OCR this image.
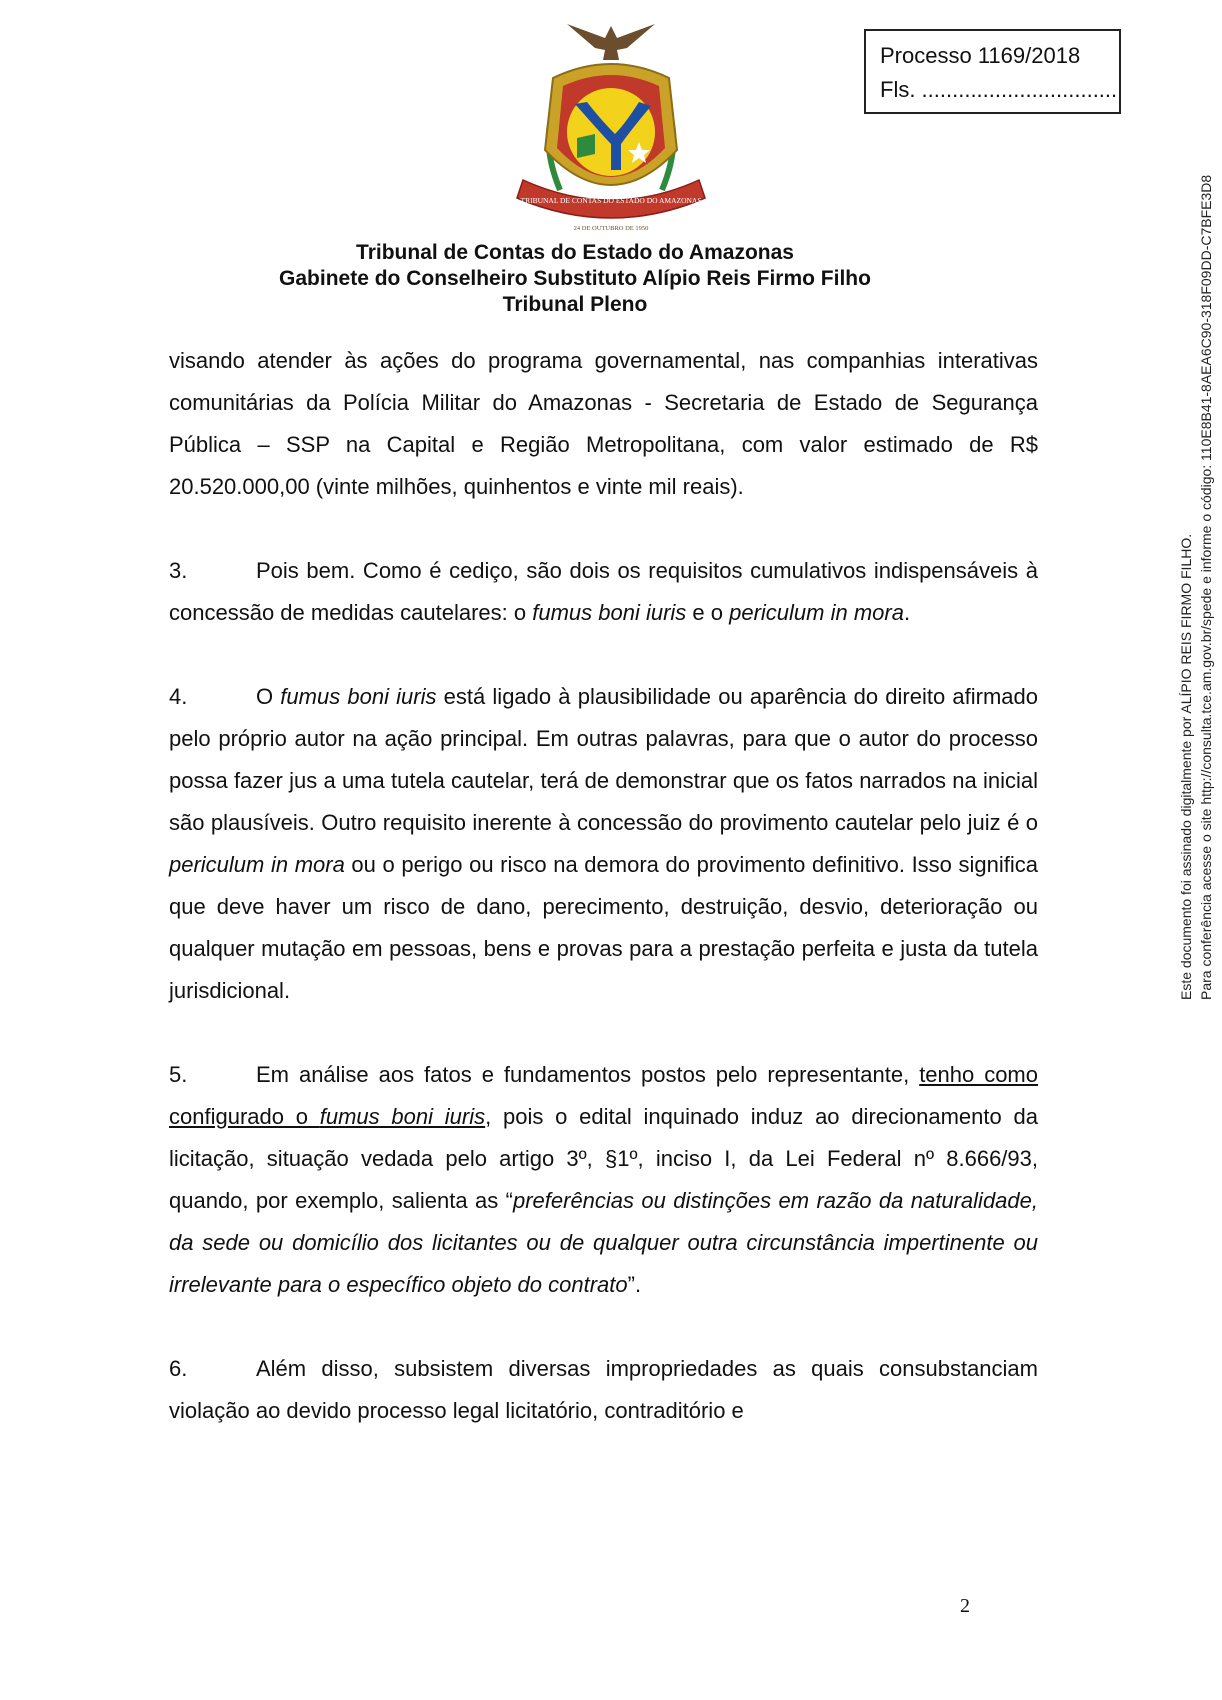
Processo 1169/2018
Fls. ................................
TRIBUNAL DE CONTAS DO ESTADO DO AMAZONAS
24 DE OUTUBRO DE 1950
Tribunal de Contas do Estado do Amazonas
Gabinete do Conselheiro Substituto Alípio Reis Firmo Filho
Tribunal Pleno

visando atender às ações do programa governamental, nas companhias interativas comunitárias da Polícia Militar do Amazonas - Secretaria de Estado de Segurança Pública – SSP na Capital e Região Metropolitana, com valor estimado de R$ 20.520.000,00 (vinte milhões, quinhentos e vinte mil reais).

3.	Pois bem. Como é cediço, são dois os requisitos cumulativos indispensáveis à concessão de medidas cautelares: o fumus boni iuris e o periculum in mora.

4.	O fumus boni iuris está ligado à plausibilidade ou aparência do direito afirmado pelo próprio autor na ação principal. Em outras palavras, para que o autor do processo possa fazer jus a uma tutela cautelar, terá de demonstrar que os fatos narrados na inicial são plausíveis. Outro requisito inerente à concessão do provimento cautelar pelo juiz é o periculum in mora ou o perigo ou risco na demora do provimento definitivo. Isso significa que deve haver um risco de dano, perecimento, destruição, desvio, deterioração ou qualquer mutação em pessoas, bens e provas para a prestação perfeita e justa da tutela jurisdicional.

5.	Em análise aos fatos e fundamentos postos pelo representante, tenho como configurado o fumus boni iuris, pois o edital inquinado induz ao direcionamento da licitação, situação vedada pelo artigo 3º, §1º, inciso I, da Lei Federal nº 8.666/93, quando, por exemplo, salienta as “preferências ou distinções em razão da naturalidade, da sede ou domicílio dos licitantes ou de qualquer outra circunstância impertinente ou irrelevante para o específico objeto do contrato”.

6.	Além disso, subsistem diversas impropriedades as quais consubstanciam violação ao devido processo legal licitatório, contraditório e

Este documento foi assinado digitalmente por ALÍPIO REIS FIRMO FILHO. Para conferência acesse o site http://consulta.tce.am.gov.br/spede e informe o código: 110E8B41-8AEA6C90-318F09DD-C7BFE3D8
2
